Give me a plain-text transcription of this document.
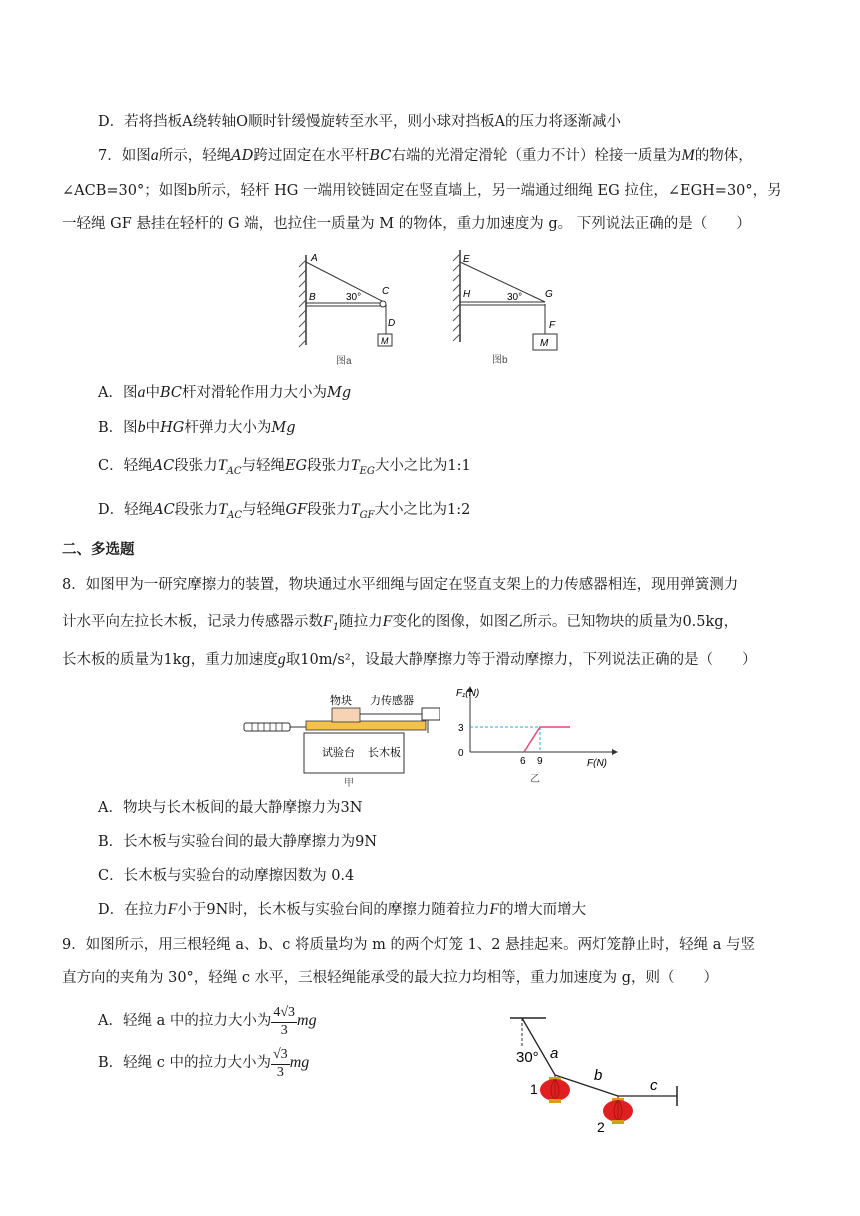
D．若将挡板A绕转轴O顺时针缓慢旋转至水平，则小球对挡板A的压力将逐渐减小
7．如图a所示，轻绳AD跨过固定在水平杆BC右端的光滑定滑轮（重力不计）栓接一质量为M的物体，
∠ACB=30°；如图b所示，轻杆 HG 一端用铰链固定在竖直墙上，另一端通过细绳 EG 拉住，∠EGH=30°，另
一轻绳 GF 悬挂在轻杆的 G 端，也拉住一质量为 M 的物体，重力加速度为 g。 下列说法正确的是（　　）
A
B
C
D
30°
M
图a
E
H	G
F
30°
M
图b
A．图a中BC杆对滑轮作用力大小为Mg
B．图b中HG杆弹力大小为Mg
C．轻绳AC段张力$T_{AC}$与轻绳EG段张力$T_{EG}$大小之比为1:1
D．轻绳AC段张力$T_{AC}$与轻绳GF段张力$T_{GF}$大小之比为1:2
二、多选题
8．如图甲为一研究摩擦力的装置，物块通过水平细绳与固定在竖直支架上的力传感器相连，现用弹簧测力
计水平向左拉长木板，记录力传感器示数$F_1$随拉力F变化的图像，如图乙所示。已知物块的质量为0.5kg，
长木板的质量为1kg，重力加速度g取10m/s²，设最大静摩擦力等于滑动摩擦力，下列说法正确的是（　　）
物块 力传感器
试验台 长木板
甲
F₁(N)
F(N)
3
0
6 9
乙
A．物块与长木板间的最大静摩擦力为3N
B．长木板与实验台间的最大静摩擦力为9N
C．长木板与实验台的动摩擦因数为 0.4
D．在拉力F小于9N时，长木板与实验台间的摩擦力随着拉力F的增大而增大
9．如图所示，用三根轻绳 a、b、c 将质量均为 m 的两个灯笼 1、2 悬挂起来。两灯笼静止时，轻绳 a 与竖
直方向的夹角为 30°，轻绳 c 水平，三根轻绳能承受的最大拉力均相等，重力加速度为 g，则（　　）
A．轻绳 a 中的拉力大小为 $\frac{4√3}{3}$ mg
B．轻绳 c 中的拉力大小为 $\frac{√3}{3}$ mg	30° a
b
c
1
2
